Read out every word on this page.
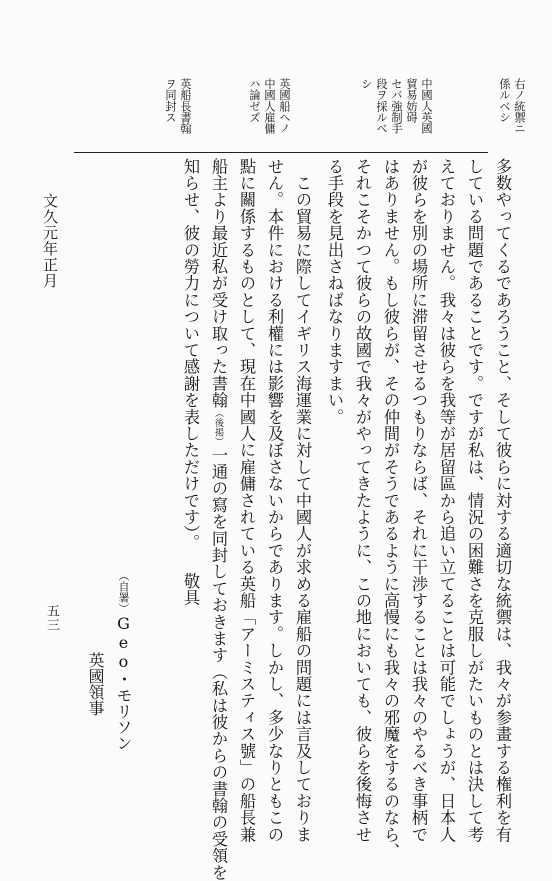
右ノ統禦ニ
係ルベシ
中國人英國
貿易妨碍
セバ強制手
段ヲ採ルベ
シ
英國船ヘノ
中國人雇傭
ハ論ゼズ
英船長書翰
ヲ同封ス
多数やってくるであろうこと、そして彼らに対する適切な統禦は、我々が参畫する権利を有
している問題であることです。ですが私は、情況の困難さを克服しがたいものとは決して考
えておりません。我々は彼らを我等が居留區から追い立てることは可能でしょうが、日本人
が彼らを別の場所に滞留させるつもりならば、それに干渉することは我々のやるべき事柄で
はありません。もし彼らが、その仲間がそうであるように高慢にも我々の邪魔をするのなら、
それこそかつて彼らの故國で我々がやってきたように、この地においても、彼らを後悔させ
る手段を見出さねばなりますまい。
　この貿易に際してイギリス海運業に対して中國人が求める雇船の問題には言及しておりま
せん。本件における利權には影響を及ぼさないからであります。しかし、多少なりともこの
點に關係するものとして、現在中國人に雇傭されている英船「アーミスティス號」の船長兼
船主より最近私が受け取った書翰（後掲）一通の寫を同封しておきます（私は彼からの書翰の受領を
知らせ、彼の勞力について感謝を表しただけです）。敬具
（自署）Geo・モリソン
英國領事
文久元年正月
五三
